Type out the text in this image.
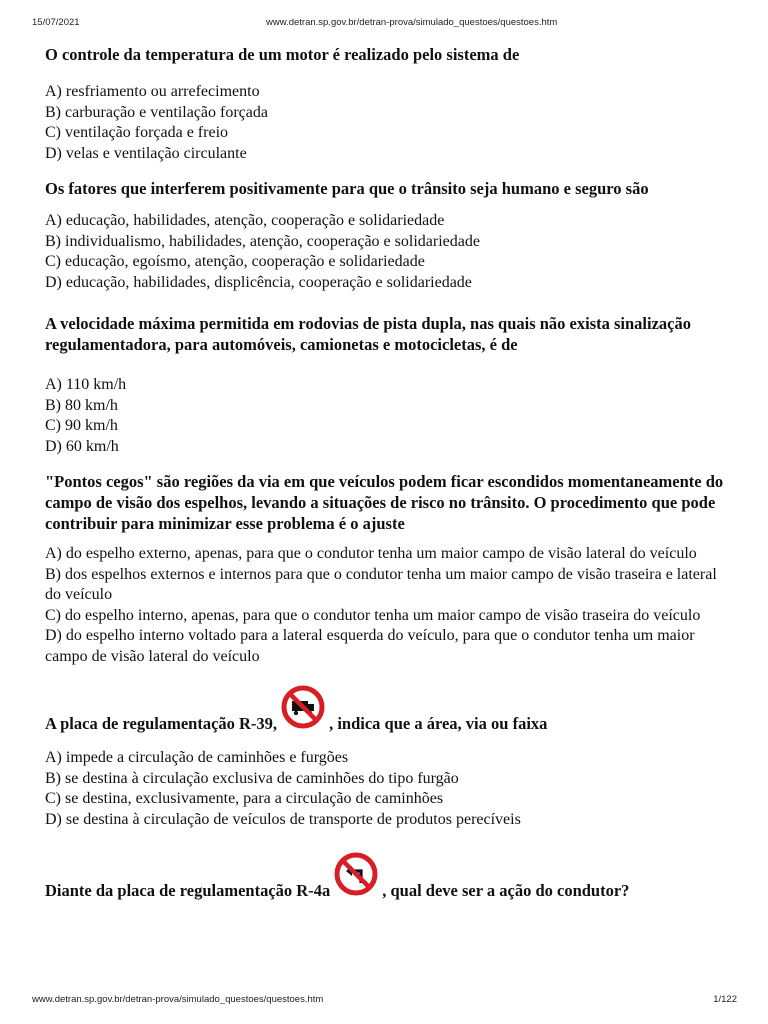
15/07/2021	www.detran.sp.gov.br/detran-prova/simulado_questoes/questoes.htm
O controle da temperatura de um motor é realizado pelo sistema de
A) resfriamento ou arrefecimento
B) carburação e ventilação forçada
C) ventilação forçada e freio
D) velas e ventilação circulante
Os fatores que interferem positivamente para que o trânsito seja humano e seguro são
A) educação, habilidades, atenção, cooperação e solidariedade
B) individualismo, habilidades, atenção, cooperação e solidariedade
C) educação, egoísmo, atenção, cooperação e solidariedade
D) educação, habilidades, displicência, cooperação e solidariedade
A velocidade máxima permitida em rodovias de pista dupla, nas quais não exista sinalização regulamentadora, para automóveis, camionetas e motocicletas, é de
A) 110 km/h
B) 80 km/h
C) 90 km/h
D) 60 km/h
"Pontos cegos" são regiões da via em que veículos podem ficar escondidos momentaneamente do campo de visão dos espelhos, levando a situações de risco no trânsito. O procedimento que pode contribuir para minimizar esse problema é o ajuste
A) do espelho externo, apenas, para que o condutor tenha um maior campo de visão lateral do veículo
B) dos espelhos externos e internos para que o condutor tenha um maior campo de visão traseira e lateral do veículo
C) do espelho interno, apenas, para que o condutor tenha um maior campo de visão traseira do veículo
D) do espelho interno voltado para a lateral esquerda do veículo, para que o condutor tenha um maior campo de visão lateral do veículo
A placa de regulamentação R-39,	, indica que a área, via ou faixa
A) impede a circulação de caminhões e furgões
B) se destina à circulação exclusiva de caminhões do tipo furgão
C) se destina, exclusivamente, para a circulação de caminhões
D) se destina à circulação de veículos de transporte de produtos perecíveis
Diante da placa de regulamentação R-4a	, qual deve ser a ação do condutor?
www.detran.sp.gov.br/detran-prova/simulado_questoes/questoes.htm	1/122
